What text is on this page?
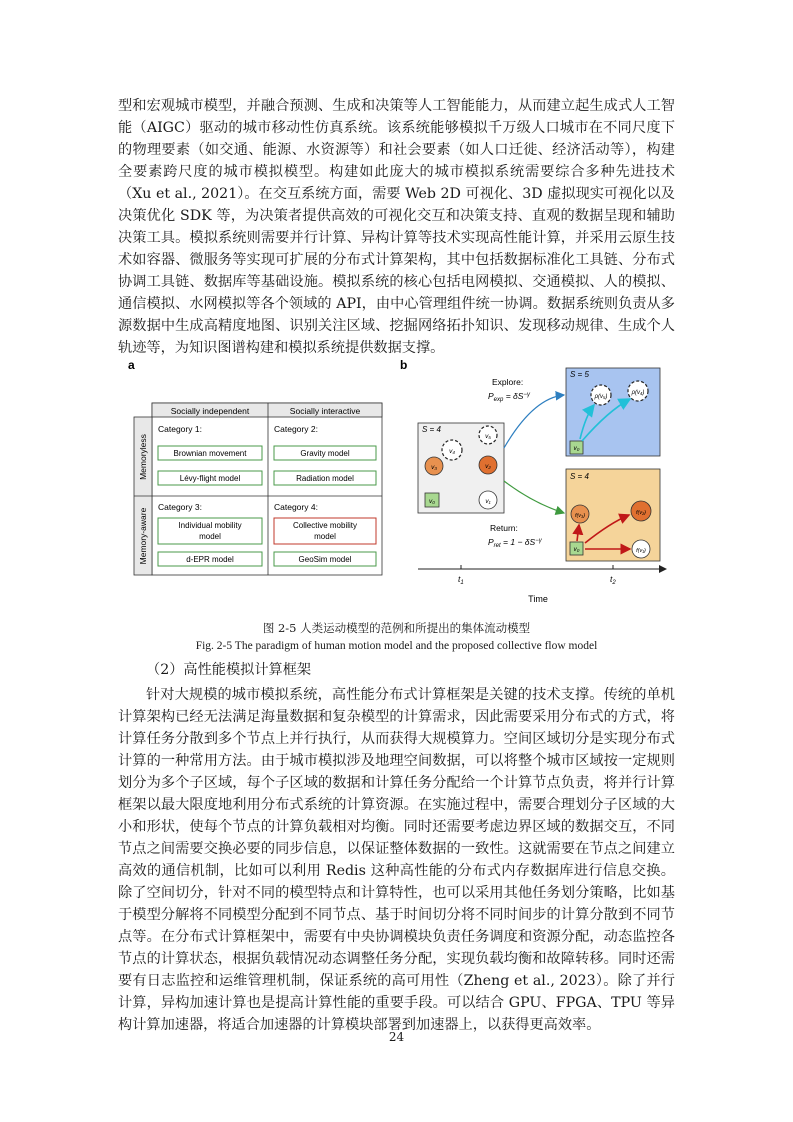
型和宏观城市模型，并融合预测、生成和决策等人工智能能力，从而建立起生成式人工智能（AIGC）驱动的城市移动性仿真系统。该系统能够模拟千万级人口城市在不同尺度下的物理要素（如交通、能源、水资源等）和社会要素（如人口迁徙、经济活动等），构建全要素跨尺度的城市模拟模型。构建如此庞大的城市模拟系统需要综合多种先进技术（Xu et al., 2021）。在交互系统方面，需要 Web 2D 可视化、3D 虚拟现实可视化以及决策优化 SDK 等，为决策者提供高效的可视化交互和决策支持、直观的数据呈现和辅助决策工具。模拟系统则需要并行计算、异构计算等技术实现高性能计算，并采用云原生技术如容器、微服务等实现可扩展的分布式计算架构，其中包括数据标准化工具链、分布式协调工具链、数据库等基础设施。模拟系统的核心包括电网模拟、交通模拟、人的模拟、通信模拟、水网模拟等各个领域的 API，由中心管理组件统一协调。数据系统则负责从多源数据中生成高精度地图、识别关注区域、挖掘网络拓扑知识、发现移动规律、生成个人轨迹等，为知识图谱构建和模拟系统提供数据支撑。

a
Socially independent	Socially interactive
Memoryless
Memory-aware
Category 1:
Brownian movement
Lévy-flight model
Category 2:
Gravity model
Radiation model
Category 3:
Individual mobility
model
d-EPR model
Category 4:
Collective mobility
model
GeoSim model
b
S = 4
v₄
v₅
v₃	v₂
v₀	v₁
S = 5
ρ(v₅)
ρ(v₄)
v₀
S = 4
f(v₃)	f(v₂)
f(v₁)
v₀
Explore:
$P_{exp} = \delta S^{-\gamma}$
Return:
$P_{ret} = 1 - \delta S^{-\gamma}$
$t_1$	$t_2$
Time

图 2-5 人类运动模型的范例和所提出的集体流动模型

Fig. 2-5 The paradigm of human motion model and the proposed collective flow model

（2）高性能模拟计算框架

针对大规模的城市模拟系统，高性能分布式计算框架是关键的技术支撑。传统的单机计算架构已经无法满足海量数据和复杂模型的计算需求，因此需要采用分布式的方式，将计算任务分散到多个节点上并行执行，从而获得大规模算力。空间区域切分是实现分布式计算的一种常用方法。由于城市模拟涉及地理空间数据，可以将整个城市区域按一定规则划分为多个子区域，每个子区域的数据和计算任务分配给一个计算节点负责，将并行计算框架以最大限度地利用分布式系统的计算资源。在实施过程中，需要合理划分子区域的大小和形状，使每个节点的计算负载相对均衡。同时还需要考虑边界区域的数据交互，不同节点之间需要交换必要的同步信息，以保证整体数据的一致性。这就需要在节点之间建立高效的通信机制，比如可以利用 Redis 这种高性能的分布式内存数据库进行信息交换。除了空间切分，针对不同的模型特点和计算特性，也可以采用其他任务划分策略，比如基于模型分解将不同模型分配到不同节点、基于时间切分将不同时间步的计算分散到不同节点等。在分布式计算框架中，需要有中央协调模块负责任务调度和资源分配，动态监控各节点的计算状态，根据负载情况动态调整任务分配，实现负载均衡和故障转移。同时还需要有日志监控和运维管理机制，保证系统的高可用性（Zheng et al., 2023）。除了并行计算，异构加速计算也是提高计算性能的重要手段。可以结合 GPU、FPGA、TPU 等异构计算加速器，将适合加速器的计算模块部署到加速器上，以获得更高效率。

24
